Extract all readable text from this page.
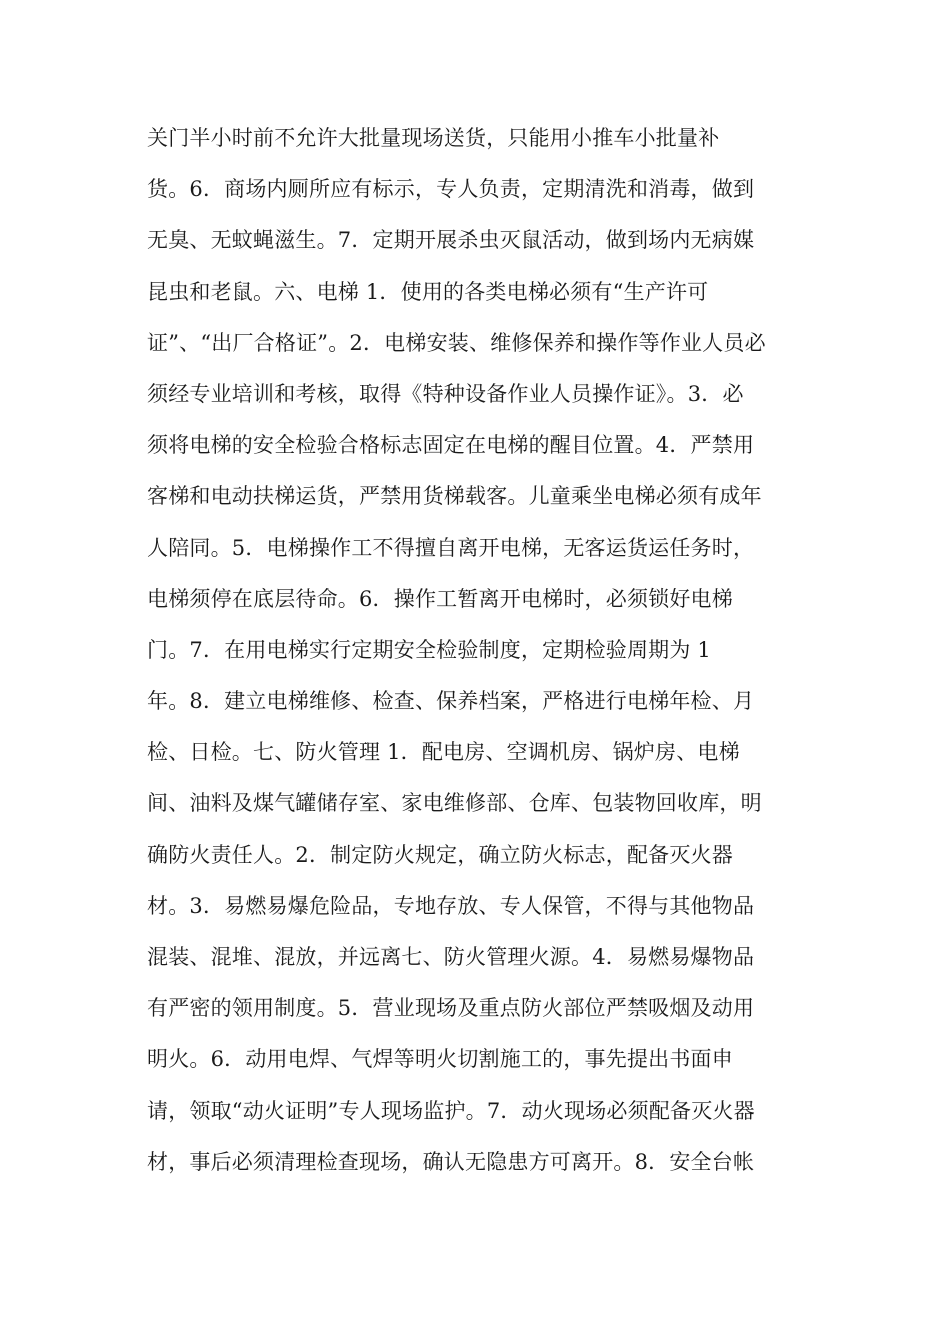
关门半小时前不允许大批量现场送货，只能用小推车小批量补
货。6．商场内厕所应有标示，专人负责，定期清洗和消毒，做到
无臭、无蚊蝇滋生。7．定期开展杀虫灭鼠活动，做到场内无病媒
昆虫和老鼠。六、电梯 1．使用的各类电梯必须有“生产许可
证”、“出厂合格证”。2．电梯安装、维修保养和操作等作业人员必
须经专业培训和考核，取得《特种设备作业人员操作证》。3．必
须将电梯的安全检验合格标志固定在电梯的醒目位置。4．严禁用
客梯和电动扶梯运货，严禁用货梯载客。儿童乘坐电梯必须有成年
人陪同。5．电梯操作工不得擅自离开电梯，无客运货运任务时，
电梯须停在底层待命。6．操作工暂离开电梯时，必须锁好电梯
门。7．在用电梯实行定期安全检验制度，定期检验周期为 1
年。8．建立电梯维修、检查、保养档案，严格进行电梯年检、月
检、日检。七、防火管理 1．配电房、空调机房、锅炉房、电梯
间、油料及煤气罐储存室、家电维修部、仓库、包装物回收库，明
确防火责任人。2．制定防火规定，确立防火标志，配备灭火器
材。3．易燃易爆危险品，专地存放、专人保管，不得与其他物品
混装、混堆、混放，并远离七、防火管理火源。4．易燃易爆物品
有严密的领用制度。5．营业现场及重点防火部位严禁吸烟及动用
明火。6．动用电焊、气焊等明火切割施工的，事先提出书面申
请，领取“动火证明”专人现场监护。7．动火现场必须配备灭火器
材，事后必须清理检查现场，确认无隐患方可离开。8．安全台帐
